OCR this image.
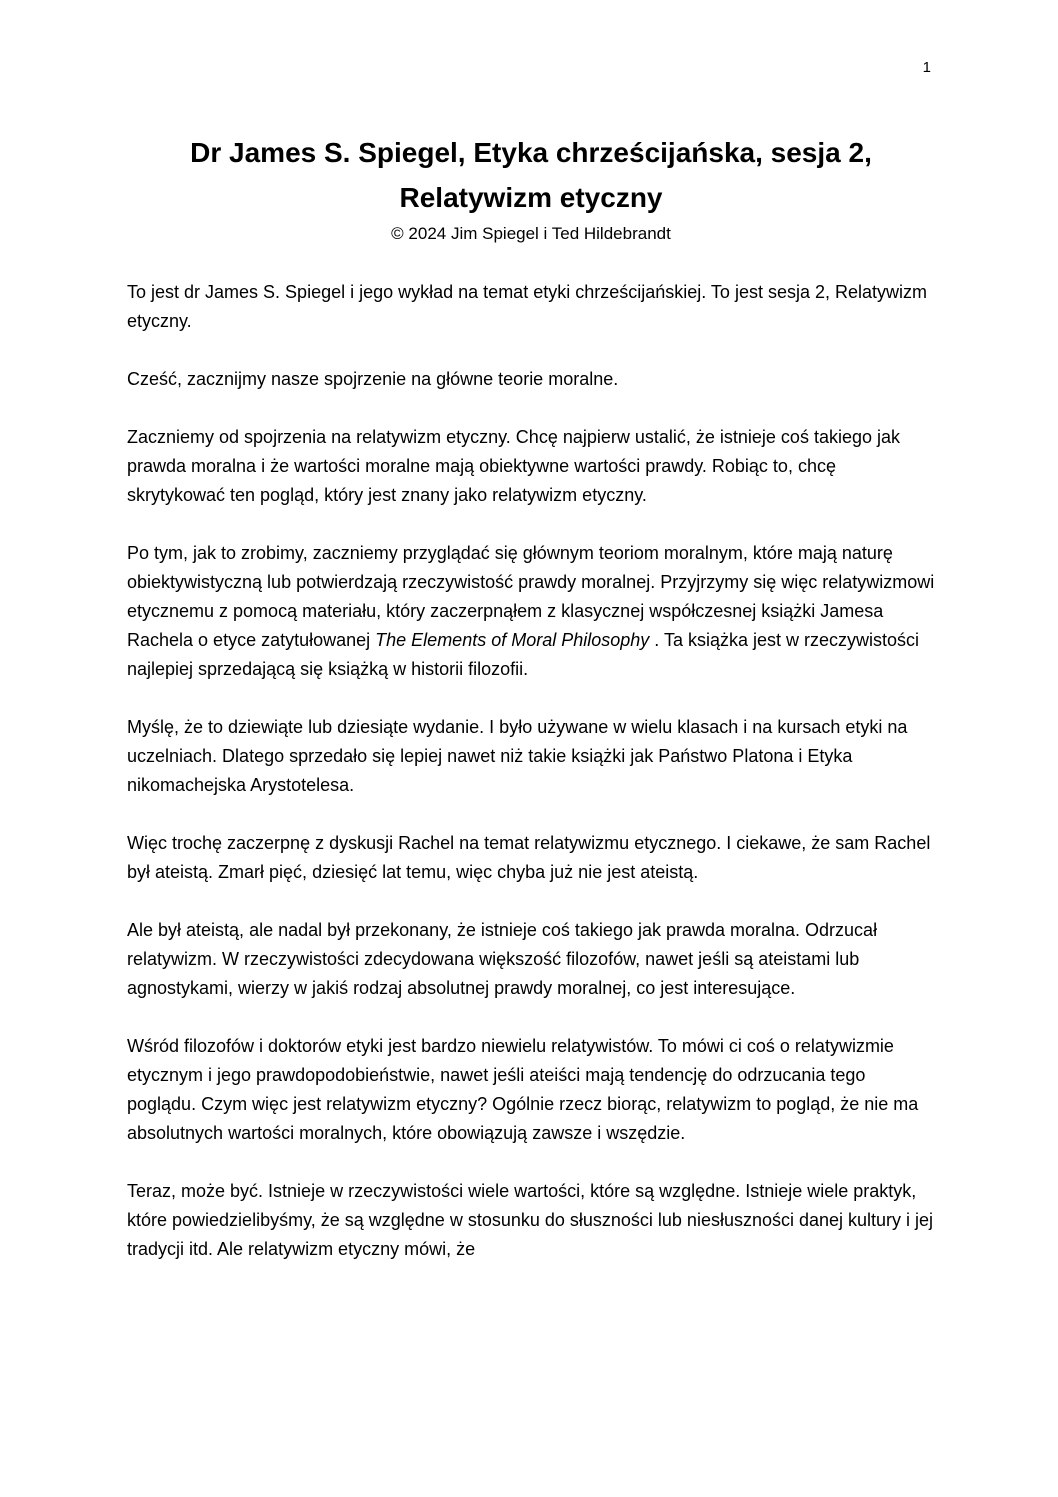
1
Dr James S. Spiegel, Etyka chrześcijańska, sesja 2,
Relatywizm etyczny
© 2024 Jim Spiegel i Ted Hildebrandt

To jest dr James S. Spiegel i jego wykład na temat etyki chrześcijańskiej. To jest sesja 2, Relatywizm etyczny.

Cześć, zacznijmy nasze spojrzenie na główne teorie moralne.

Zaczniemy od spojrzenia na relatywizm etyczny. Chcę najpierw ustalić, że istnieje coś takiego jak prawda moralna i że wartości moralne mają obiektywne wartości prawdy. Robiąc to, chcę skrytykować ten pogląd, który jest znany jako relatywizm etyczny.

Po tym, jak to zrobimy, zaczniemy przyglądać się głównym teoriom moralnym, które mają naturę obiektywistyczną lub potwierdzają rzeczywistość prawdy moralnej. Przyjrzymy się więc relatywizmowi etycznemu z pomocą materiału, który zaczerpnąłem z klasycznej współczesnej książki Jamesa Rachela o etyce zatytułowanej The Elements of Moral Philosophy . Ta książka jest w rzeczywistości najlepiej sprzedającą się książką w historii filozofii.

Myślę, że to dziewiąte lub dziesiąte wydanie. I było używane w wielu klasach i na kursach etyki na uczelniach. Dlatego sprzedało się lepiej nawet niż takie książki jak Państwo Platona i Etyka nikomachejska Arystotelesa.

Więc trochę zaczerpnę z dyskusji Rachel na temat relatywizmu etycznego. I ciekawe, że sam Rachel był ateistą. Zmarł pięć, dziesięć lat temu, więc chyba już nie jest ateistą.

Ale był ateistą, ale nadal był przekonany, że istnieje coś takiego jak prawda moralna. Odrzucał relatywizm. W rzeczywistości zdecydowana większość filozofów, nawet jeśli są ateistami lub agnostykami, wierzy w jakiś rodzaj absolutnej prawdy moralnej, co jest interesujące.

Wśród filozofów i doktorów etyki jest bardzo niewielu relatywistów. To mówi ci coś o relatywizmie etycznym i jego prawdopodobieństwie, nawet jeśli ateiści mają tendencję do odrzucania tego poglądu. Czym więc jest relatywizm etyczny? Ogólnie rzecz biorąc, relatywizm to pogląd, że nie ma absolutnych wartości moralnych, które obowiązują zawsze i wszędzie.

Teraz, może być. Istnieje w rzeczywistości wiele wartości, które są względne. Istnieje wiele praktyk, które powiedzielibyśmy, że są względne w stosunku do słuszności lub niesłuszności danej kultury i jej tradycji itd. Ale relatywizm etyczny mówi, że
